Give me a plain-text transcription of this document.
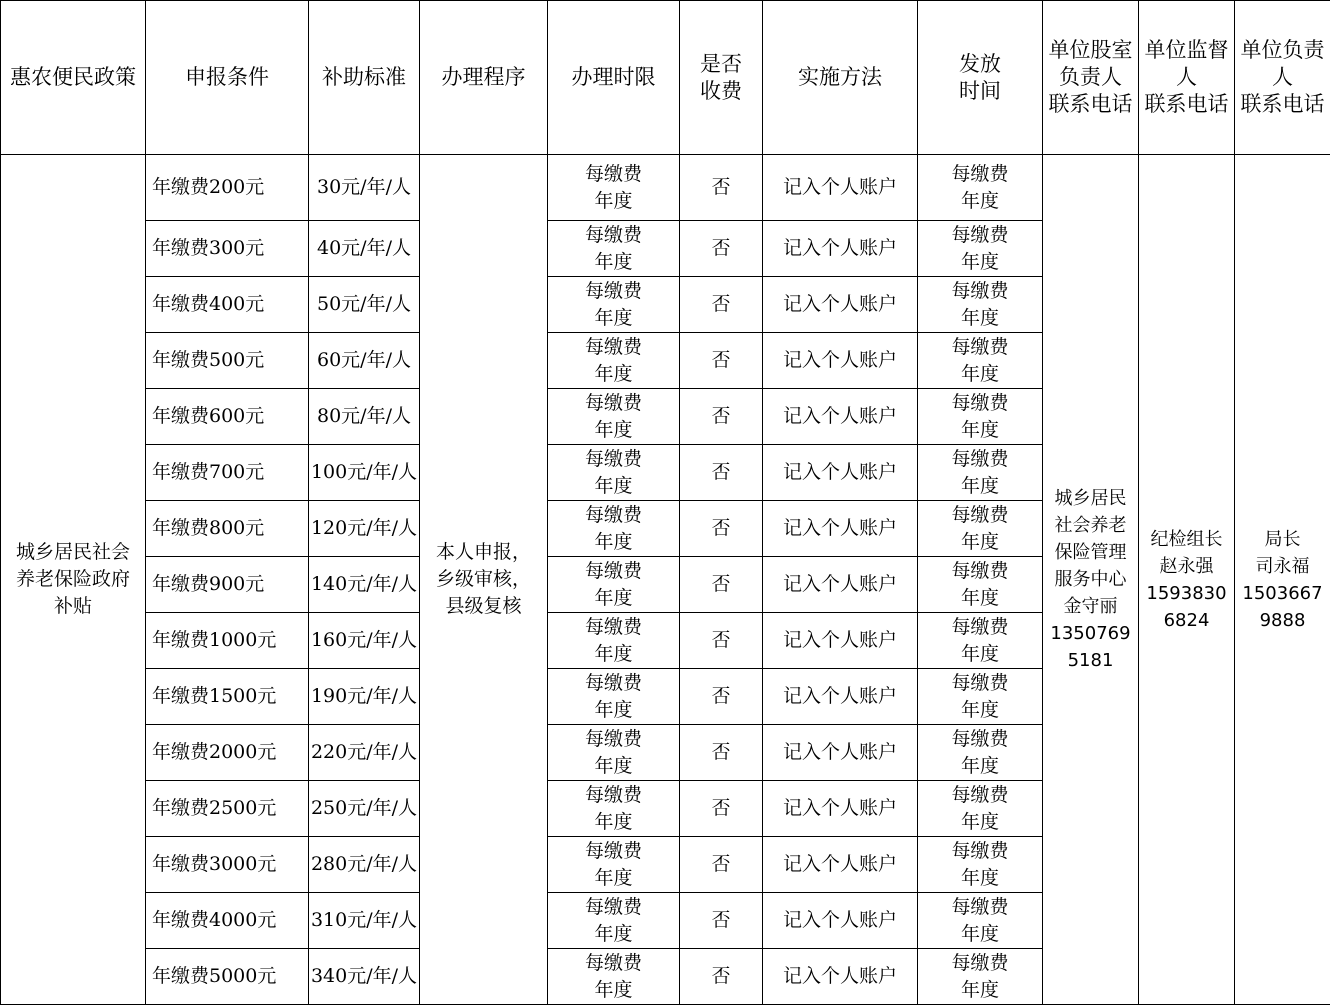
惠农便民政策	申报条件	补助标准	办理程序	办理时限	是否
收费	实施方法	发放
时间	单位股室
负责人
联系电话	单位监督
人
联系电话	单位负责
人
联系电话

城乡居民社会养老保险政府补贴	年缴费200元	30元/年/人	本人申报，乡级审核，县级复核	每缴费
年度	否	记入个人账户	每缴费
年度	城乡居民社会养老保险管理服务中心
金守丽
13507695181	纪检组长
赵永强
15938306824	局长
司永福
15036679888

	年缴费300元	40元/年/人		每缴费
年度	否	记入个人账户	每缴费
年度			

	年缴费400元	50元/年/人		每缴费
年度	否	记入个人账户	每缴费
年度			

	年缴费500元	60元/年/人		每缴费
年度	否	记入个人账户	每缴费
年度			

	年缴费600元	80元/年/人		每缴费
年度	否	记入个人账户	每缴费
年度			

	年缴费700元	100元/年/人		每缴费
年度	否	记入个人账户	每缴费
年度			

	年缴费800元	120元/年/人		每缴费
年度	否	记入个人账户	每缴费
年度			

	年缴费900元	140元/年/人		每缴费
年度	否	记入个人账户	每缴费
年度			

	年缴费1000元	160元/年/人		每缴费
年度	否	记入个人账户	每缴费
年度			

	年缴费1500元	190元/年/人		每缴费
年度	否	记入个人账户	每缴费
年度			

	年缴费2000元	220元/年/人		每缴费
年度	否	记入个人账户	每缴费
年度			

	年缴费2500元	250元/年/人		每缴费
年度	否	记入个人账户	每缴费
年度			

	年缴费3000元	280元/年/人		每缴费
年度	否	记入个人账户	每缴费
年度			

	年缴费4000元	310元/年/人		每缴费
年度	否	记入个人账户	每缴费
年度			

	年缴费5000元	340元/年/人		每缴费
年度	否	记入个人账户	每缴费
年度			
